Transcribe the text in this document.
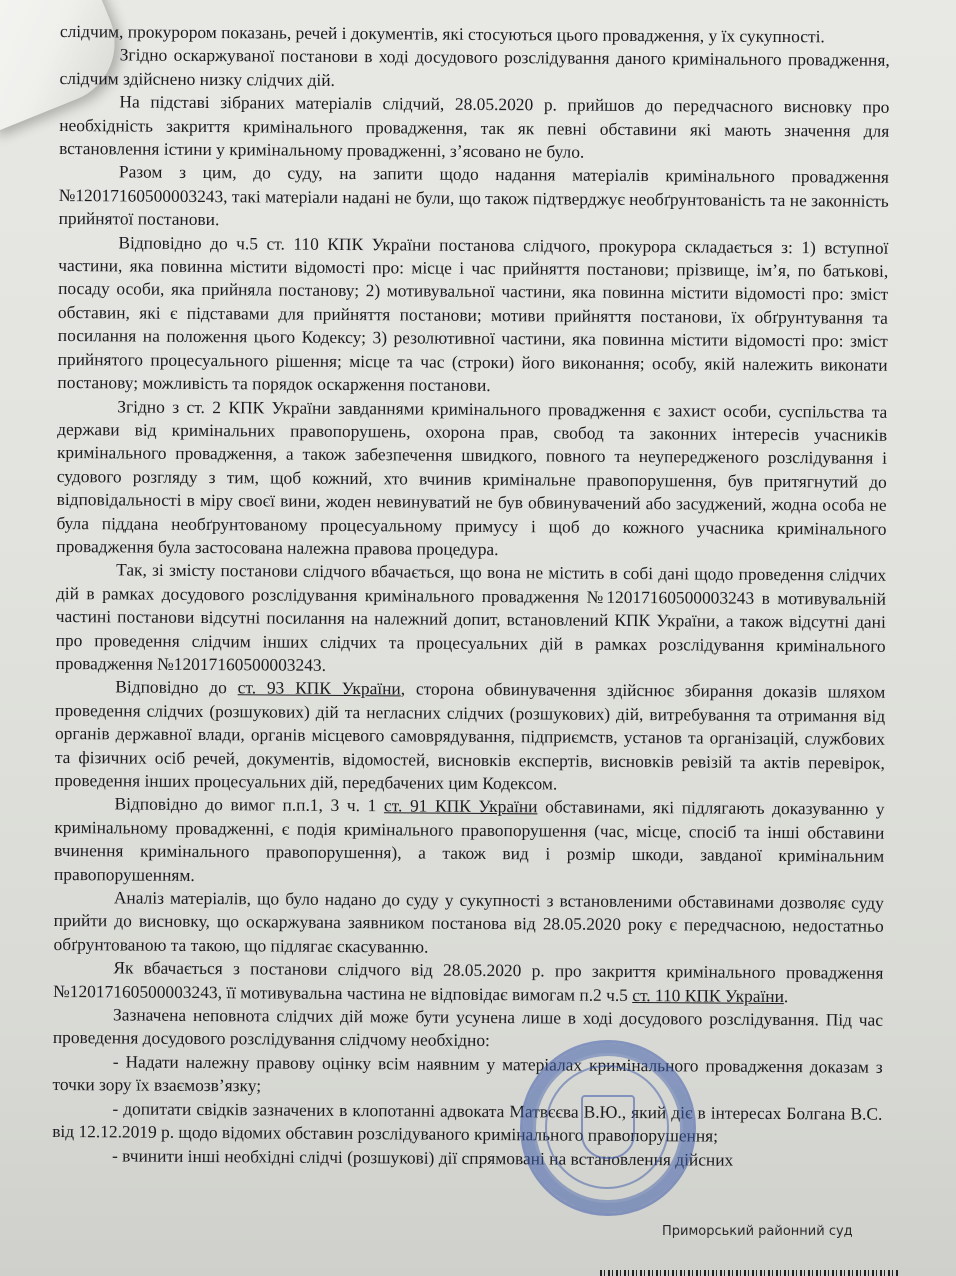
слідчим, прокурором показань, речей і документів, які стосуються цього провадження, у їх сукупності.

Згідно оскаржуваної постанови в ході досудового розслідування даного кримінального провадження, слідчим здійснено низку слідчих дій.

На підставі зібраних матеріалів слідчий, 28.05.2020 р. прийшов до передчасного висновку про необхідність закриття кримінального провадження, так як певні обставини які мають значення для встановлення істини у кримінальному провадженні, з’ясовано не було.

Разом з цим, до суду, на запити щодо надання матеріалів кримінального провадження №12017160500003243, такі матеріали надані не були, що також підтверджує необґрунтованість та не законність прийнятої постанови.

Відповідно до ч.5 ст. 110 КПК України постанова слідчого, прокурора складається з: 1) вступної частини, яка повинна містити відомості про: місце і час прийняття постанови; прізвище, ім’я, по батькові, посаду особи, яка прийняла постанову; 2) мотивувальної частини, яка повинна містити відомості про: зміст обставин, які є підставами для прийняття постанови; мотиви прийняття постанови, їх обґрунтування та посилання на положення цього Кодексу; 3) резолютивної частини, яка повинна містити відомості про: зміст прийнятого процесуального рішення; місце та час (строки) його виконання; особу, якій належить виконати постанову; можливість та порядок оскарження постанови.

Згідно з ст. 2 КПК України завданнями кримінального провадження є захист особи, суспільства та держави від кримінальних правопорушень, охорона прав, свобод та законних інтересів учасників кримінального провадження, а також забезпечення швидкого, повного та неупередженого розслідування і судового розгляду з тим, щоб кожний, хто вчинив кримінальне правопорушення, був притягнутий до відповідальності в міру своєї вини, жоден невинуватий не був обвинувачений або засуджений, жодна особа не була піддана необґрунтованому процесуальному примусу і щоб до кожного учасника кримінального провадження була застосована належна правова процедура.

Так, зі змісту постанови слідчого вбачається, що вона не містить в собі дані щодо проведення слідчих дій в рамках досудового розслідування кримінального провадження №12017160500003243 в мотивувальній частині постанови відсутні посилання на належний допит, встановлений КПК України, а також відсутні дані про проведення слідчим інших слідчих та процесуальних дій в рамках розслідування кримінального провадження №12017160500003243.

Відповідно до ст. 93 КПК України, сторона обвинувачення здійснює збирання доказів шляхом проведення слідчих (розшукових) дій та негласних слідчих (розшукових) дій, витребування та отримання від органів державної влади, органів місцевого самоврядування, підприємств, установ та організацій, службових та фізичних осіб речей, документів, відомостей, висновків експертів, висновків ревізій та актів перевірок, проведення інших процесуальних дій, передбачених цим Кодексом.

Відповідно до вимог п.п.1, 3 ч. 1 ст. 91 КПК України обставинами, які підлягають доказуванню у кримінальному провадженні, є подія кримінального правопорушення (час, місце, спосіб та інші обставини вчинення кримінального правопорушення), а також вид і розмір шкоди, завданої кримінальним правопорушенням.

Аналіз матеріалів, що було надано до суду у сукупності з встановленими обставинами дозволяє суду прийти до висновку, що оскаржувана заявником постанова від 28.05.2020 року є передчасною, недостатньо обґрунтованою та такою, що підлягає скасуванню.

Як вбачається з постанови слідчого від 28.05.2020 р. про закриття кримінального провадження №12017160500003243, її мотивувальна частина не відповідає вимогам п.2 ч.5 ст. 110 КПК України.

Зазначена неповнота слідчих дій може бути усунена лише в ході досудового розслідування. Під час проведення досудового розслідування слідчому необхідно:

- Надати належну правову оцінку всім наявним у матеріалах кримінального провадження доказам з точки зору їх взаємозв’язку;

- допитати свідків зазначених в клопотанні адвоката Матвєєва В.Ю., який діє в інтересах Болгана В.С. від 12.12.2019 р. щодо відомих обставин розслідуваного кримінального правопорушення;

- вчинити інші необхідні слідчі (розшукові) дії спрямовані на встановлення дійсних

Приморський районний суд
